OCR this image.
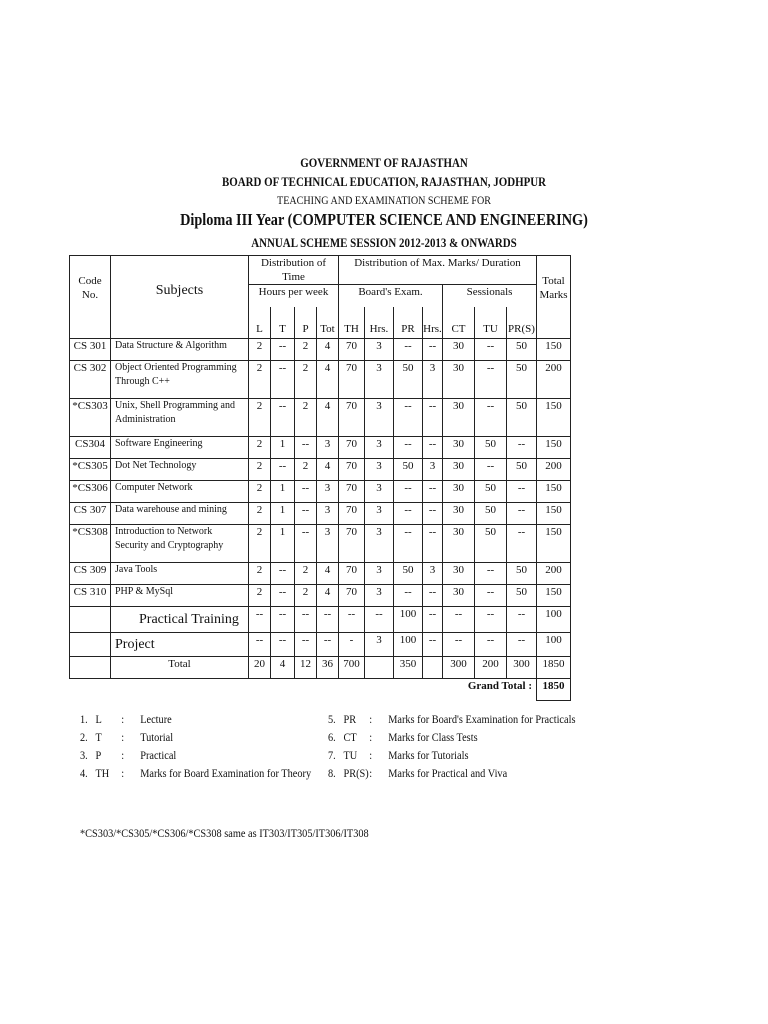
GOVERNMENT OF RAJASTHAN
BOARD OF TECHNICAL EDUCATION, RAJASTHAN, JODHPUR
TEACHING AND EXAMINATION SCHEME FOR
Diploma III Year (COMPUTER SCIENCE AND ENGINEERING)
ANNUAL SCHEME SESSION 2012-2013 & ONWARDS
Code No.	Subjects	Distribution of Time				Distribution of Max. Marks/ Duration							Total Marks
		Hours per week				Board's Exam.				Sessionals			
		L	T	P	Tot	TH	Hrs.	PR	Hrs.	CT	TU	PR(S)	
CS 301	Data Structure & Algorithm	2	--	2	4	70	3	--	--	30	--	50	150
CS 302	Object Oriented Programming Through C++	2	--	2	4	70	3	50	3	30	--	50	200
*CS303	Unix, Shell Programming and Administration	2	--	2	4	70	3	--	--	30	--	50	150
CS304	Software Engineering	2	1	--	3	70	3	--	--	30	50	--	150
*CS305	Dot Net Technology	2	--	2	4	70	3	50	3	30	--	50	200
*CS306	Computer Network	2	1	--	3	70	3	--	--	30	50	--	150
CS 307	Data warehouse and mining	2	1	--	3	70	3	--	--	30	50	--	150
*CS308	Introduction to Network Security and Cryptography	2	1	--	3	70	3	--	--	30	50	--	150
CS 309	Java Tools	2	--	2	4	70	3	50	3	30	--	50	200
CS 310	PHP & MySql	2	--	2	4	70	3	--	--	30	--	50	150
	Practical Training	--	--	--	--	--	--	100	--	--	--	--	100
	Project	--	--	--	--	-	3	100	--	--	--	--	100
	Total	20	4	12	36	700		350		300	200	300	1850
Grand Total :													1850
1. L : Lecture
2. T : Tutorial
3. P : Practical
4. TH : Marks for Board Examination for Theory
5. PR : Marks for Board's Examination for Practicals
6. CT : Marks for Class Tests
7. TU : Marks for Tutorials
8. PR(S) : Marks for Practical and Viva
*CS303/*CS305/*CS306/*CS308 same as IT303/IT305/IT306/IT308
